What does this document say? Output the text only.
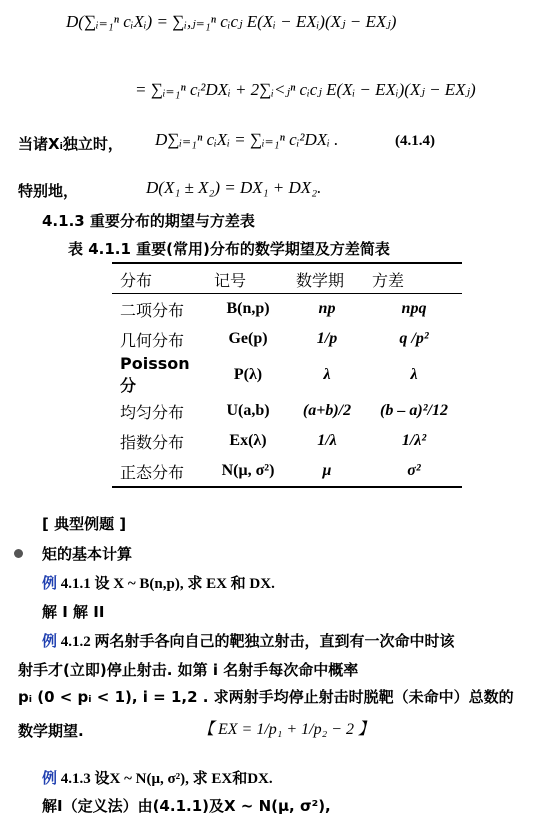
D(∑ᵢ₌₁ⁿ cᵢXᵢ) = ∑ᵢ,ⱼ₌₁ⁿ cᵢcⱼ E(Xᵢ − EXᵢ)(Xⱼ − EXⱼ)
= ∑ᵢ₌₁ⁿ cᵢ²DXᵢ + 2∑ᵢ<ⱼⁿ cᵢcⱼ E(Xᵢ − EXᵢ)(Xⱼ − EXⱼ)
当诸Xᵢ独立时， D∑ᵢ₌₁ⁿ cᵢXᵢ = ∑ᵢ₌₁ⁿ cᵢ²DXᵢ .	(4.1.4)
特别地，	D(X₁ ± X₂) = DX₁ + DX₂.
4.1.3 重要分布的期望与方差表
表 4.1.1 重要(常用)分布的数学期望及方差简表
分布	记号	数学期	方差
二项分布	B(n,p)	np	npq
几何分布	Ge(p)	1/p	q /p²
Poisson 分	P(λ)	λ	λ
均匀分布	U(a,b)	(a+b)/2	(b – a)²/12
指数分布	Ex(λ)	1/λ	1/λ²
正态分布	N(μ, σ²)	μ	σ²
[ 典型例题 ]
矩的基本计算
例 4.1.1 设 X ~ B(n,p), 求 EX 和 DX.
解 I 解 II
例 4.1.2 两名射手各向自己的靶独立射击，直到有一次命中时该
射手才(立即)停止射击. 如第 i 名射手每次命中概率
pᵢ (0 < pᵢ < 1), i = 1,2 . 求两射手均停止射击时脱靶（未命中）总数的
数学期望.	【 EX = 1/p₁ + 1/p₂ − 2 】
例 4.1.3 设X ~ N(μ, σ²), 求 EX和DX.
解I（定义法）由(4.1.1)及X ~ N(μ, σ²),
